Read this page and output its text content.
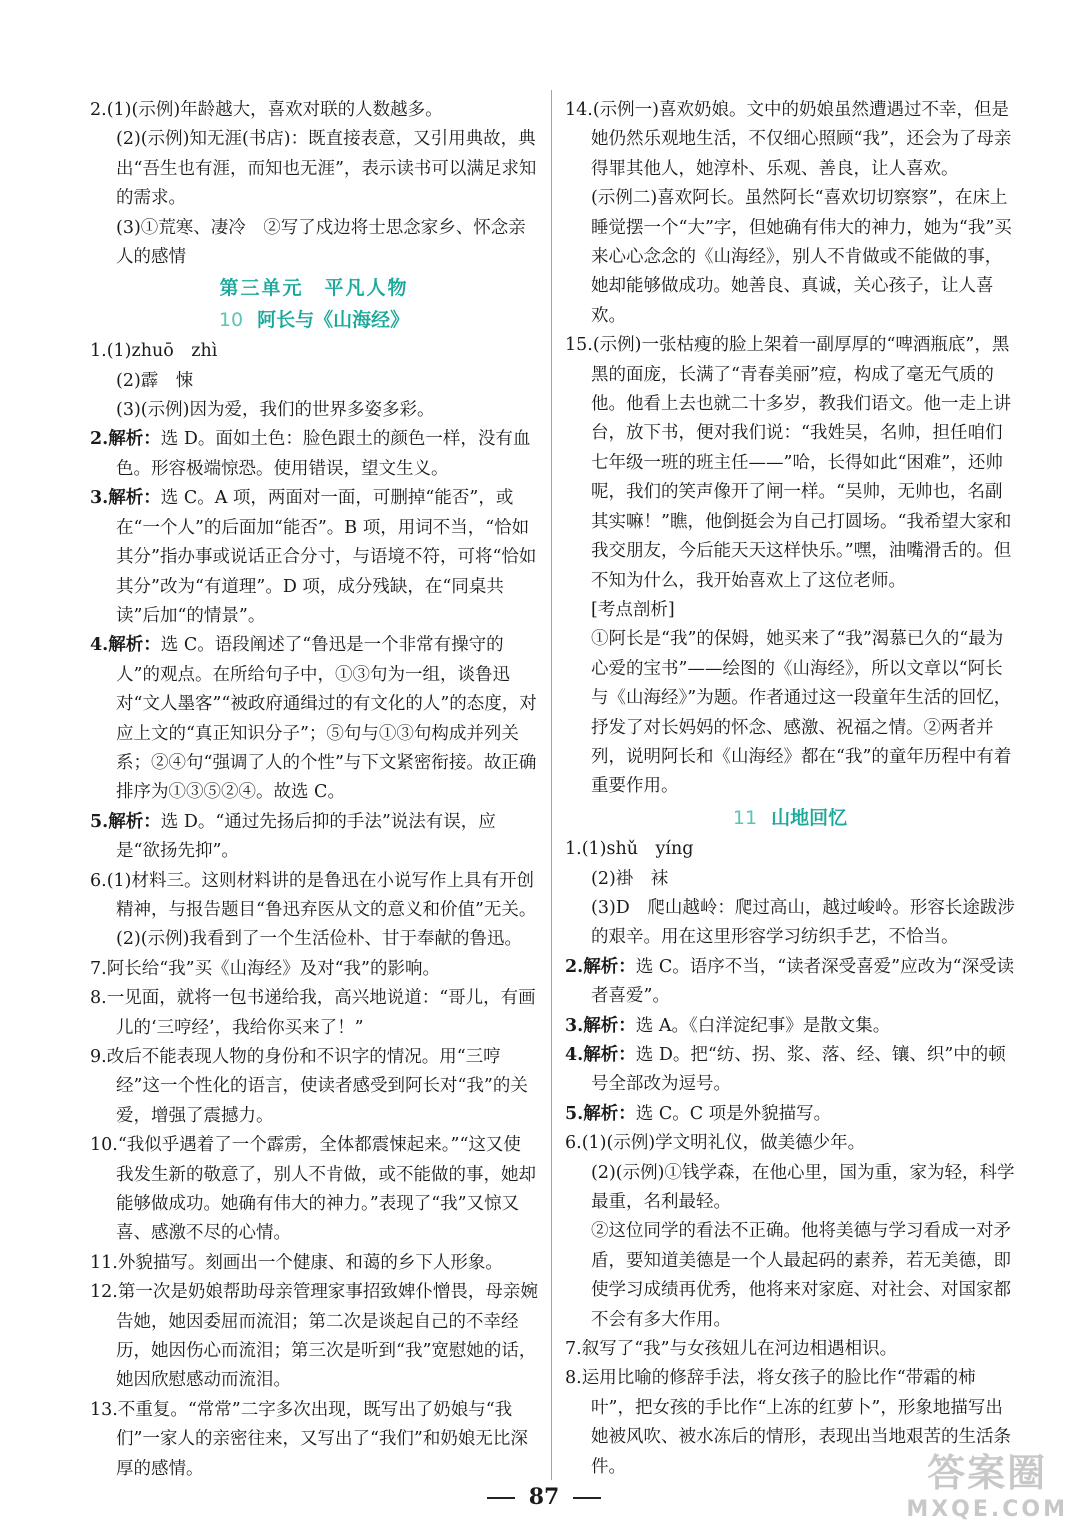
2.(1)(示例)年龄越大，喜欢对联的人数越多。

(2)(示例)知无涯(书店)：既直接表意，又引用典故，典出“吾生也有涯，而知也无涯”，表示读书可以满足求知的需求。

(3)①荒寒、凄冷　②写了戍边将士思念家乡、怀念亲人的感情

第三单元　平凡人物
10 阿长与《山海经》

1.(1)zhuō　zhì

(2)霹　悚

(3)(示例)因为爱，我们的世界多姿多彩。

2.解析：选 D。面如土色：脸色跟土的颜色一样，没有血色。形容极端惊恐。使用错误，望文生义。

3.解析：选 C。A 项，两面对一面，可删掉“能否”，或在“一个人”的后面加“能否”。B 项，用词不当，“恰如其分”指办事或说话正合分寸，与语境不符，可将“恰如其分”改为“有道理”。D 项，成分残缺，在“同桌共读”后加“的情景”。

4.解析：选 C。语段阐述了“鲁迅是一个非常有操守的人”的观点。在所给句子中，①③句为一组，谈鲁迅对“文人墨客”“被政府通缉过的有文化的人”的态度，对应上文的“真正知识分子”；⑤句与①③句构成并列关系；②④句“强调了人的个性”与下文紧密衔接。故正确排序为①③⑤②④。故选 C。

5.解析：选 D。“通过先扬后抑的手法”说法有误，应是“欲扬先抑”。

6.(1)材料三。这则材料讲的是鲁迅在小说写作上具有开创精神，与报告题目“鲁迅弃医从文的意义和价值”无关。

(2)(示例)我看到了一个生活俭朴、甘于奉献的鲁迅。

7.阿长给“我”买《山海经》及对“我”的影响。

8.一见面，就将一包书递给我，高兴地说道：“哥儿，有画儿的‘三哼经’，我给你买来了！”

9.改后不能表现人物的身份和不识字的情况。用“三哼经”这一个性化的语言，使读者感受到阿长对“我”的关爱，增强了震撼力。

10.“我似乎遇着了一个霹雳，全体都震悚起来。”“这又使我发生新的敬意了，别人不肯做，或不能做的事，她却能够做成功。她确有伟大的神力。”表现了“我”又惊又喜、感激不尽的心情。

11.外貌描写。刻画出一个健康、和蔼的乡下人形象。

12.第一次是奶娘帮助母亲管理家事招致婢仆憎畏，母亲婉告她，她因委屈而流泪；第二次是谈起自己的不幸经历，她因伤心而流泪；第三次是听到“我”宽慰她的话，她因欣慰感动而流泪。

13.不重复。“常常”二字多次出现，既写出了奶娘与“我们”一家人的亲密往来，又写出了“我们”和奶娘无比深厚的感情。

14.(示例一)喜欢奶娘。文中的奶娘虽然遭遇过不幸，但是她仍然乐观地生活，不仅细心照顾“我”，还会为了母亲得罪其他人，她淳朴、乐观、善良，让人喜欢。

(示例二)喜欢阿长。虽然阿长“喜欢切切察察”，在床上睡觉摆一个“大”字，但她确有伟大的神力，她为“我”买来心心念念的《山海经》，别人不肯做或不能做的事，她却能够做成功。她善良、真诚，关心孩子，让人喜欢。

15.(示例)一张枯瘦的脸上架着一副厚厚的“啤酒瓶底”，黑黑的面庞，长满了“青春美丽”痘，构成了毫无气质的他。他看上去也就二十多岁，教我们语文。他一走上讲台，放下书，便对我们说：“我姓吴，名帅，担任咱们七年级一班的班主任——”哈，长得如此“困难”，还帅呢，我们的笑声像开了闸一样。“吴帅，无帅也，名副其实嘛！”瞧，他倒挺会为自己打圆场。“我希望大家和我交朋友，今后能天天这样快乐。”嘿，油嘴滑舌的。但不知为什么，我开始喜欢上了这位老师。

[考点剖析]

①阿长是“我”的保姆，她买来了“我”渴慕已久的“最为心爱的宝书”——绘图的《山海经》，所以文章以“阿长与《山海经》”为题。作者通过这一段童年生活的回忆，抒发了对长妈妈的怀念、感激、祝福之情。②两者并列，说明阿长和《山海经》都在“我”的童年历程中有着重要作用。

11 山地回忆

1.(1)shǔ　yíng

(2)褂　袜

(3)D　爬山越岭：爬过高山，越过峻岭。形容长途跋涉的艰辛。用在这里形容学习纺织手艺，不恰当。

2.解析：选 C。语序不当，“读者深受喜爱”应改为“深受读者喜爱”。

3.解析：选 A。《白洋淀纪事》是散文集。

4.解析：选 D。把“纺、拐、浆、落、经、镶、织”中的顿号全部改为逗号。

5.解析：选 C。C 项是外貌描写。

6.(1)(示例)学文明礼仪，做美德少年。

(2)(示例)①钱学森，在他心里，国为重，家为轻，科学最重，名利最轻。

②这位同学的看法不正确。他将美德与学习看成一对矛盾，要知道美德是一个人最起码的素养，若无美德，即使学习成绩再优秀，他将来对家庭、对社会、对国家都不会有多大作用。

7.叙写了“我”与女孩妞儿在河边相遇相识。

8.运用比喻的修辞手法，将女孩子的脸比作“带霜的柿叶”，把女孩的手比作“上冻的红萝卜”，形象地描写出她被风吹、被水冻后的情形，表现出当地艰苦的生活条件。

87
答案圈
MXQE.COM
